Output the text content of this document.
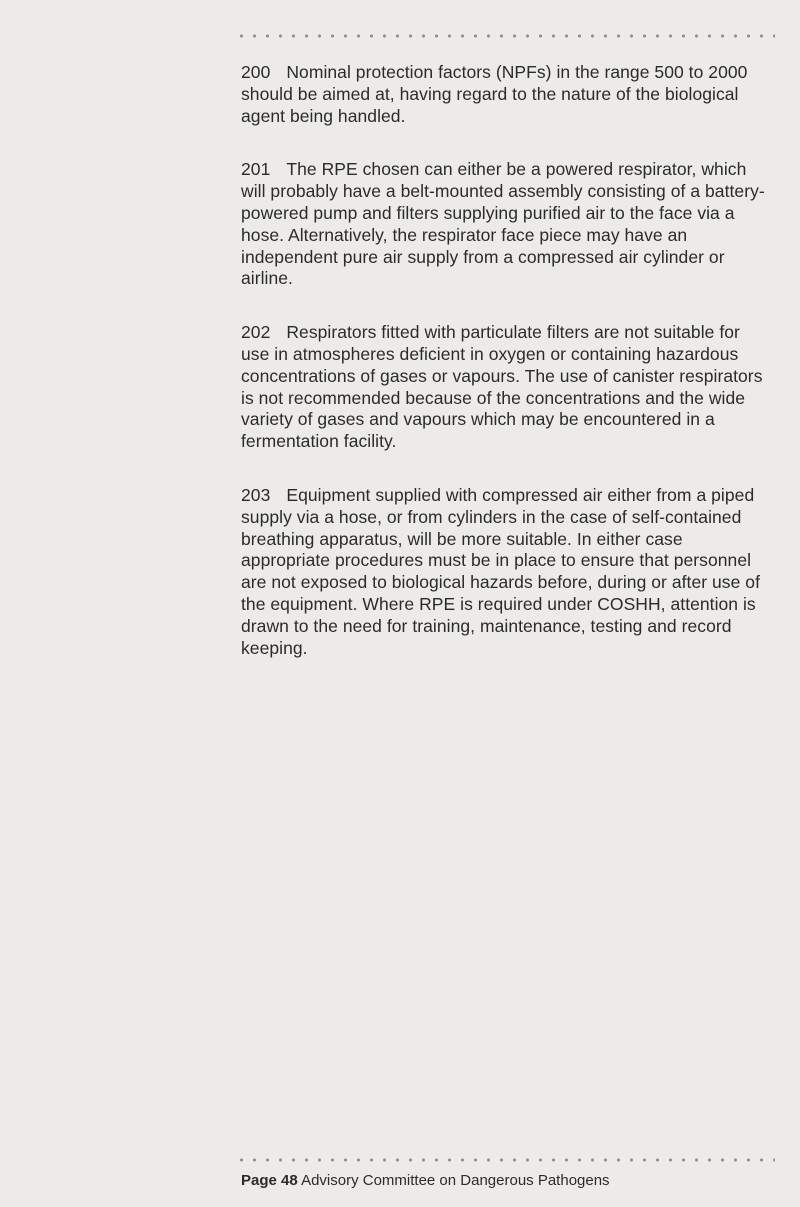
200 Nominal protection factors (NPFs) in the range 500 to 2000 should be aimed at, having regard to the nature of the biological agent being handled.

201 The RPE chosen can either be a powered respirator, which will probably have a belt-mounted assembly consisting of a battery-powered pump and filters supplying purified air to the face via a hose. Alternatively, the respirator face piece may have an independent pure air supply from a compressed air cylinder or airline.

202 Respirators fitted with particulate filters are not suitable for use in atmospheres deficient in oxygen or containing hazardous concentrations of gases or vapours. The use of canister respirators is not recommended because of the concentrations and the wide variety of gases and vapours which may be encountered in a fermentation facility.

203 Equipment supplied with compressed air either from a piped supply via a hose, or from cylinders in the case of self-contained breathing apparatus, will be more suitable. In either case appropriate procedures must be in place to ensure that personnel are not exposed to biological hazards before, during or after use of the equipment. Where RPE is required under COSHH, attention is drawn to the need for training, maintenance, testing and record keeping.

Page 48 Advisory Committee on Dangerous Pathogens
